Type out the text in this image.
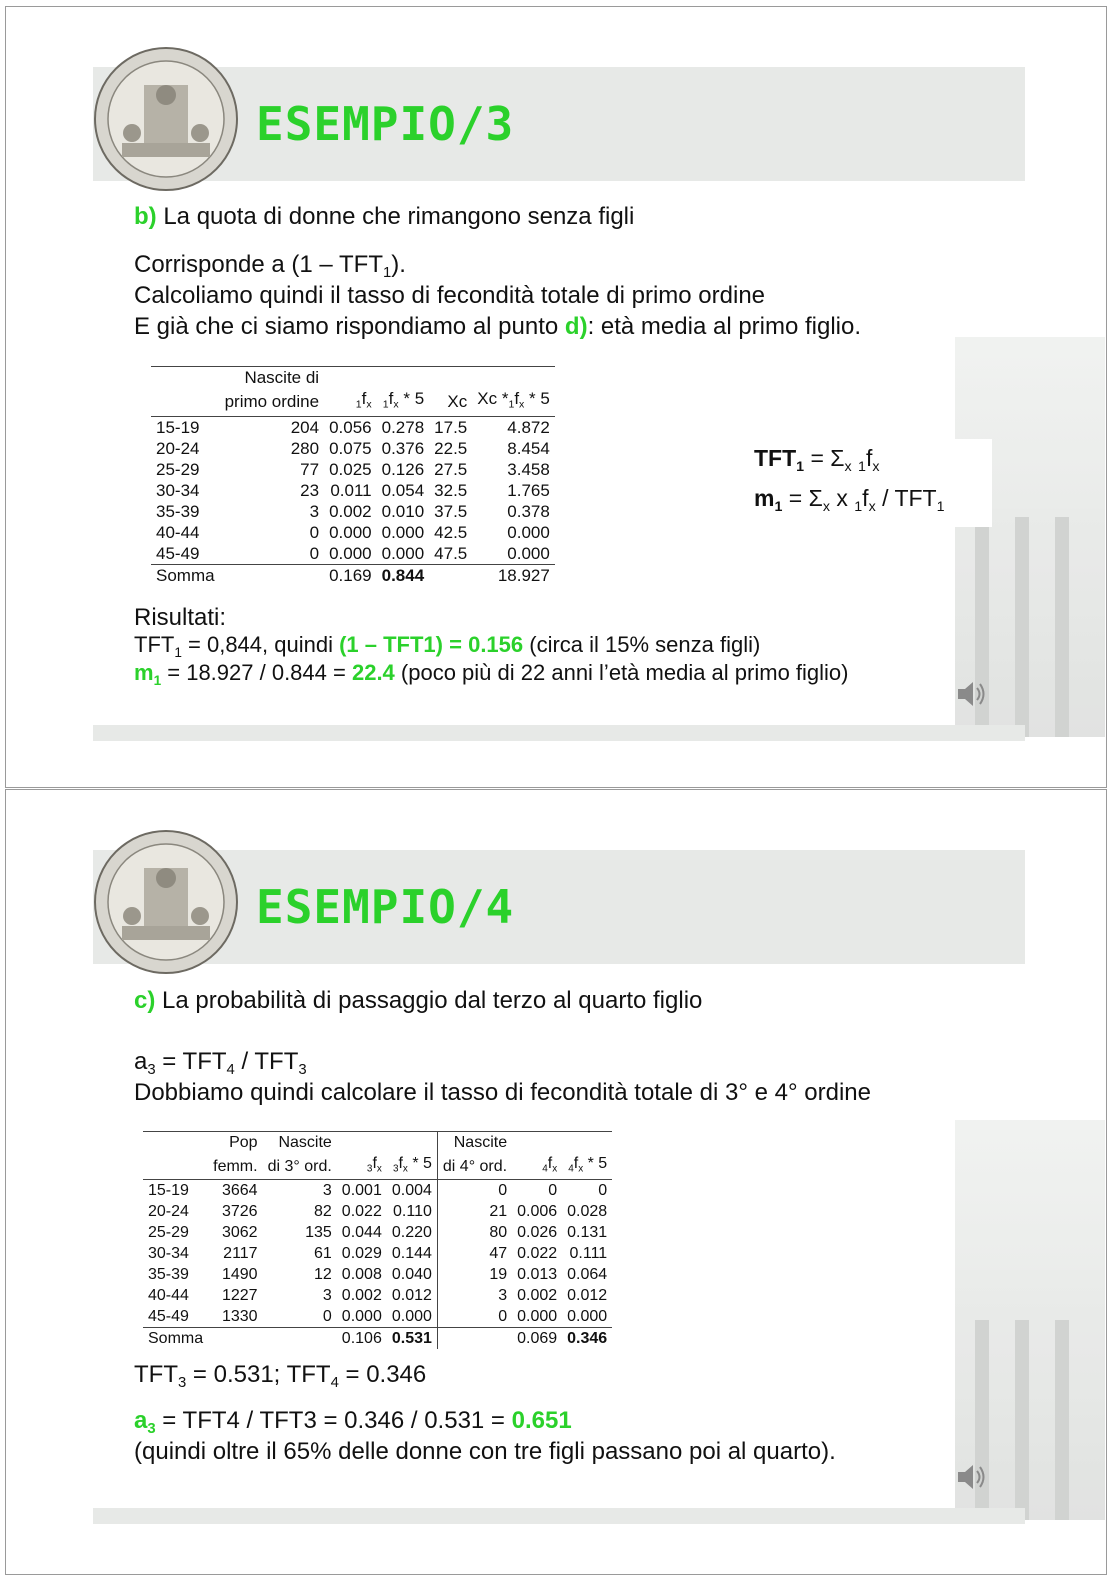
ESEMPIO/3
b) La quota di donne che rimangono senza figli
Corrisponde a $(1 - TFT_1)$.
Calcoliamo quindi il tasso di fecondità totale di primo ordine
E già che ci siamo rispondiamo al punto d): età media al primo figlio.
	Nascite di				
	primo ordine	$_1f_x$	$_1f_x * 5$	Xc	Xc $*_1f_x * 5$
15-19	204	0.056	0.278	17.5	4.872
20-24	280	0.075	0.376	22.5	8.454
25-29	77	0.025	0.126	27.5	3.458
30-34	23	0.011	0.054	32.5	1.765
35-39	3	0.002	0.010	37.5	0.378
40-44	0	0.000	0.000	42.5	0.000
45-49	0	0.000	0.000	47.5	0.000
Somma		0.169	0.844		18.927
$TFT_1 = \Sigma_x$ $_1f_x$
$m_1 = \Sigma_x$ x $_1f_x / TFT_1$
Risultati:
$TFT_1 = 0,844$, quindi (1 – TFT1) = 0.156 (circa il 15% senza figli)
$m_1 = 18.927 / 0.844 = 22.4$ (poco più di 22 anni l’età media al primo figlio)
ESEMPIO/4
c) La probabilità di passaggio dal terzo al quarto figlio
$a_3 = TFT_4 / TFT_3$
Dobbiamo quindi calcolare il tasso di fecondità totale di 3° e 4° ordine
	Pop	Nascite			Nascite		
	femm.	di 3° ord.	$_3f_x$	$_3f_x * 5$	di 4° ord.	$_4f_x$	$_4f_x * 5$
15-19	3664	3	0.001	0.004	0	0	0
20-24	3726	82	0.022	0.110	21	0.006	0.028
25-29	3062	135	0.044	0.220	80	0.026	0.131
30-34	2117	61	0.029	0.144	47	0.022	0.111
35-39	1490	12	0.008	0.040	19	0.013	0.064
40-44	1227	3	0.002	0.012	3	0.002	0.012
45-49	1330	0	0.000	0.000	0	0.000	0.000
Somma			0.106	0.531		0.069	0.346
$TFT_3 = 0.531$; $TFT_4 = 0.346$
$a_3 = TFT4 / TFT3 = 0.346 / 0.531 = 0.651$
(quindi oltre il 65% delle donne con tre figli passano poi al quarto).
